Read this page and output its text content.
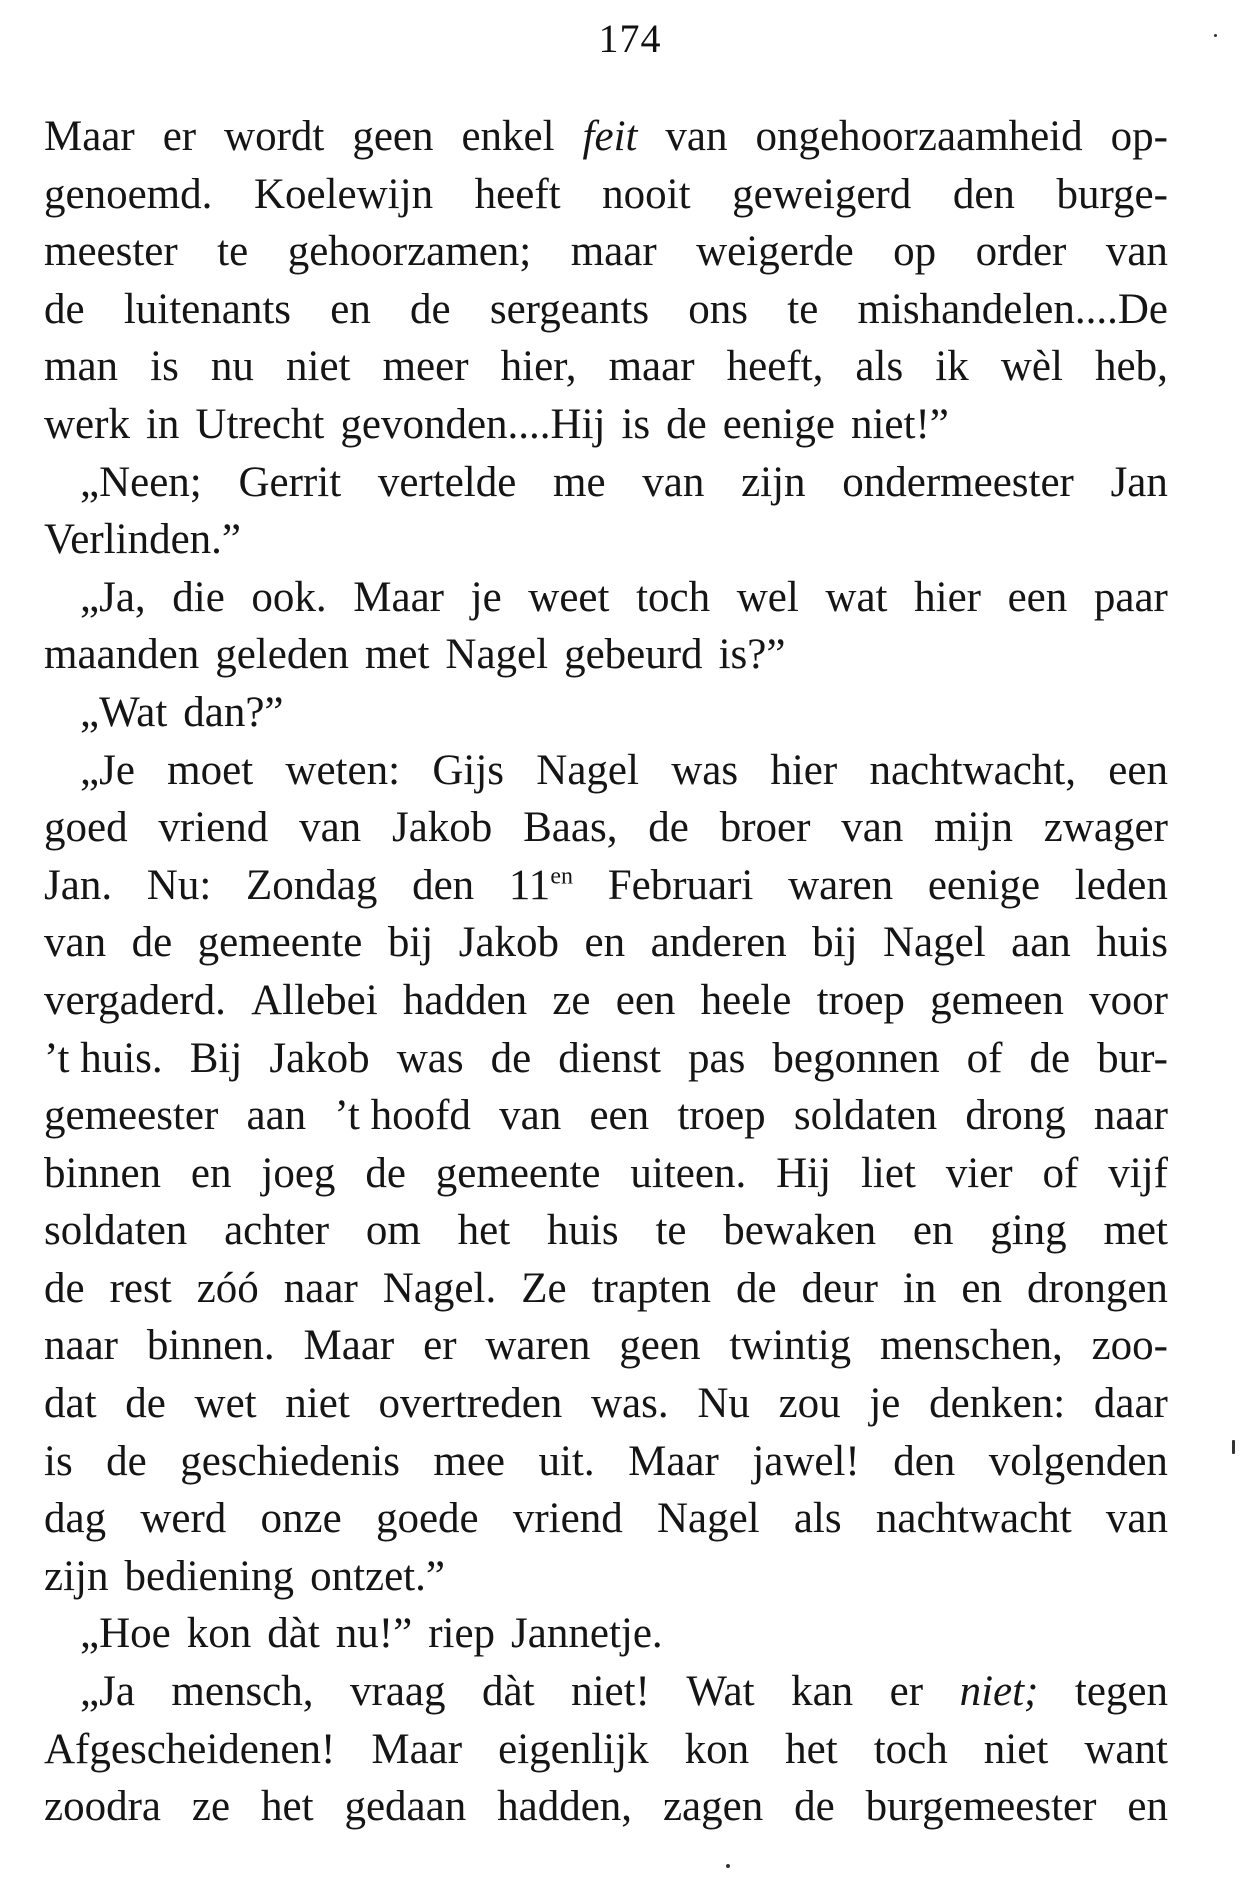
174
Maar er wordt geen enkel feit van ongehoorzaamheid op-
genoemd. Koelewijn heeft nooit geweigerd den burge-
meester te gehoorzamen; maar weigerde op order van
de luitenants en de sergeants ons te mishandelen....De
man is nu niet meer hier, maar heeft, als ik wèl heb,
werk in Utrecht gevonden....Hij is de eenige niet!”
„Neen; Gerrit vertelde me van zijn ondermeester Jan
Verlinden.”
„Ja, die ook. Maar je weet toch wel wat hier een paar
maanden geleden met Nagel gebeurd is?”
„Wat dan?”
„Je moet weten: Gijs Nagel was hier nachtwacht, een
goed vriend van Jakob Baas, de broer van mijn zwager
Jan. Nu: Zondag den $11^{en}$ Februari waren eenige leden
van de gemeente bij Jakob en anderen bij Nagel aan huis
vergaderd. Allebei hadden ze een heele troep gemeen voor
’t huis. Bij Jakob was de dienst pas begonnen of de bur-
gemeester aan ’t hoofd van een troep soldaten drong naar
binnen en joeg de gemeente uiteen. Hij liet vier of vijf
soldaten achter om het huis te bewaken en ging met
de rest zóó naar Nagel. Ze trapten de deur in en drongen
naar binnen. Maar er waren geen twintig menschen, zoo-
dat de wet niet overtreden was. Nu zou je denken: daar
is de geschiedenis mee uit. Maar jawel! den volgenden
dag werd onze goede vriend Nagel als nachtwacht van
zijn bediening ontzet.”
„Hoe kon dàt nu!” riep Jannetje.
„Ja mensch, vraag dàt niet! Wat kan er niet; tegen
Afgescheidenen! Maar eigenlijk kon het toch niet want
zoodra ze het gedaan hadden, zagen de burgemeester en
